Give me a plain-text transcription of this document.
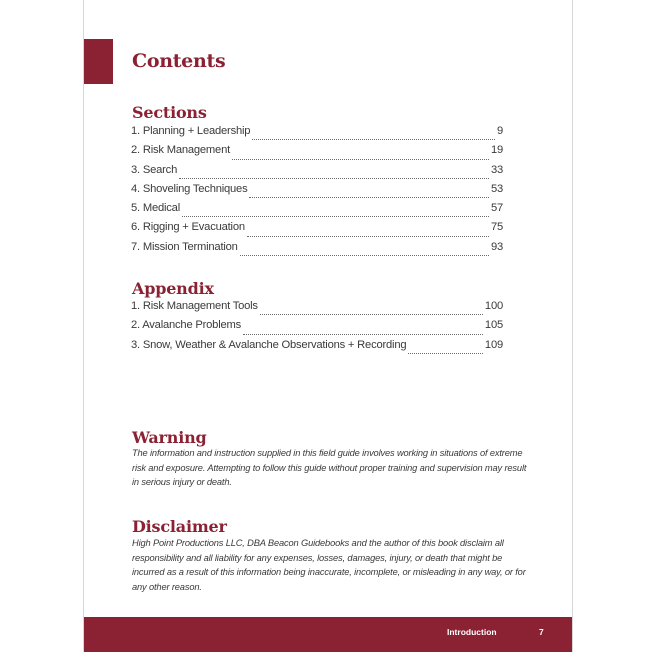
Contents
Sections
1. Planning + Leadership	9
2. Risk Management	19
3. Search	33
4. Shoveling Techniques	53
5. Medical	57
6. Rigging + Evacuation	75
7. Mission Termination	93
Appendix
1. Risk Management Tools	100
2. Avalanche Problems	105
3. Snow, Weather & Avalanche Observations + Recording	109
Warning

The information and instruction supplied in this field guide involves working in situations of extreme risk and exposure. Attempting to follow this guide without proper training and supervision may result in serious injury or death.

Disclaimer

High Point Productions LLC, DBA Beacon Guidebooks and the author of this book disclaim all responsibility and all liability for any expenses, losses, damages, injury, or death that might be incurred as a result of this information being inaccurate, incomplete, or misleading in any way, or for any other reason.

Introduction	7
